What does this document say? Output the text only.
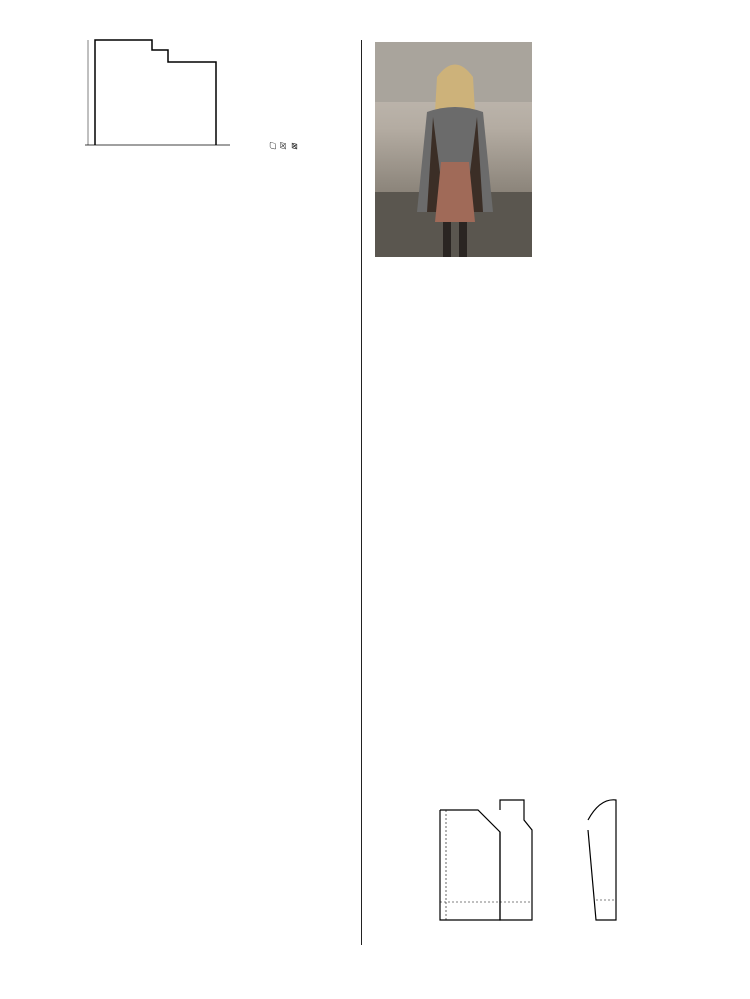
▢ ☒ ⊠
